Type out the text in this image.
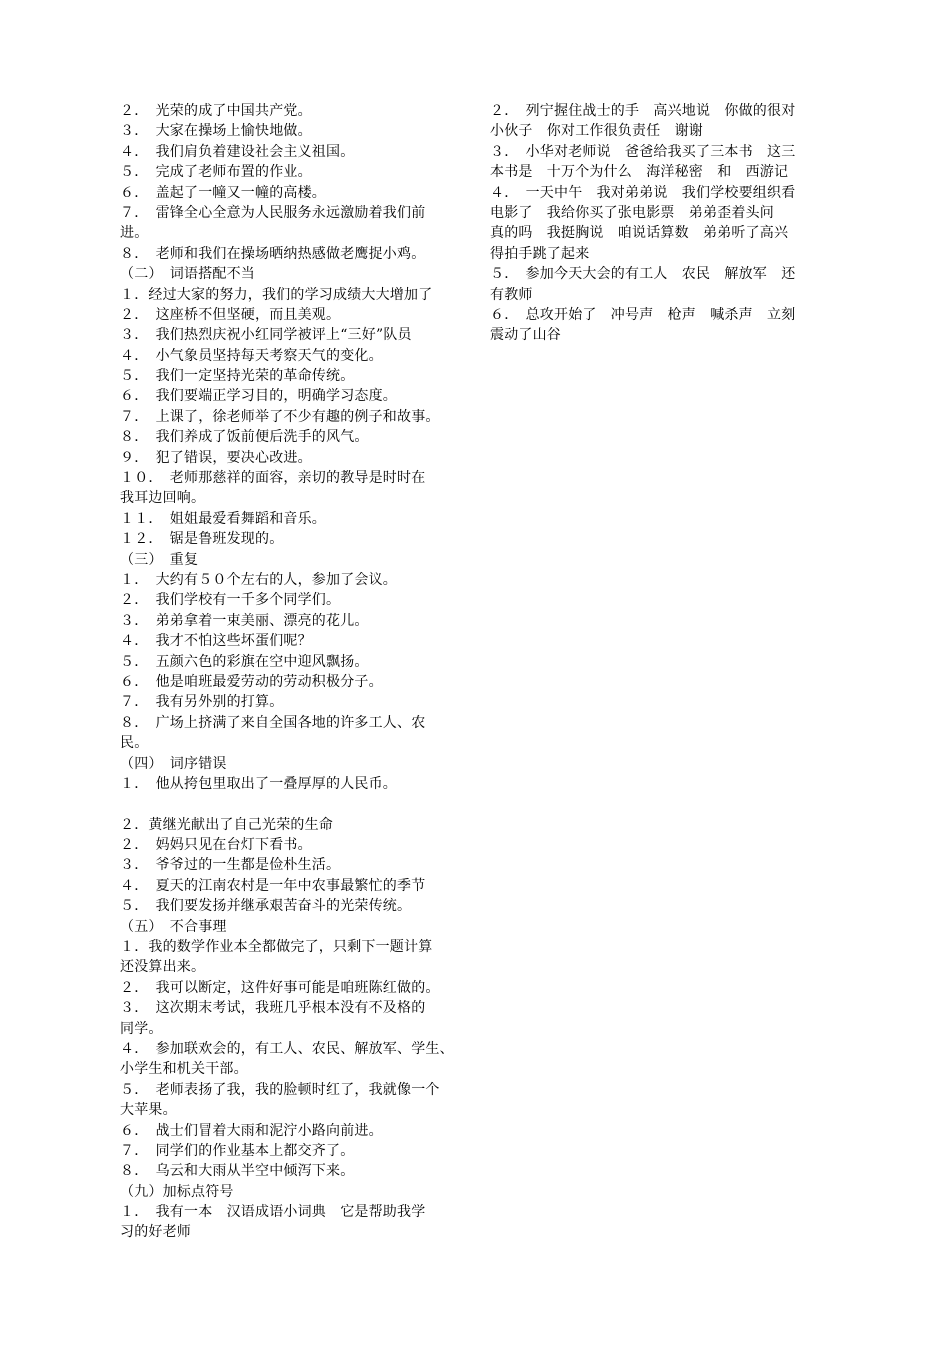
２．　光荣的成了中国共产党。
３．　大家在操场上愉快地做。
４．　我们肩负着建设社会主义祖国。
５．　完成了老师布置的作业。
６．　盖起了一幢又一幢的高楼。
７．　雷锋全心全意为人民服务永远激励着我们前
进。
８．　老师和我们在操场晒纳热感做老鹰捉小鸡。
（二）　词语搭配不当
１．经过大家的努力，我们的学习成绩大大增加了
２．　这座桥不但坚硬，而且美观。
３．　我们热烈庆祝小红同学被评上“三好”队员
４．　小气象员坚持每天考察天气的变化。
５．　我们一定坚持光荣的革命传统。
６．　我们要端正学习目的，明确学习态度。
７．　上课了，徐老师举了不少有趣的例子和故事。
８．　我们养成了饭前便后洗手的风气。
９．　犯了错误，要决心改进。
１０．　老师那慈祥的面容，亲切的教导是时时在
我耳边回响。
１１．　姐姐最爱看舞蹈和音乐。
１２．　锯是鲁班发现的。
（三）　重复
１．　大约有５０个左右的人，参加了会议。
２．　我们学校有一千多个同学们。
３．　弟弟拿着一束美丽、漂亮的花儿。
４．　我才不怕这些坏蛋们呢？
５．　五颜六色的彩旗在空中迎风飘扬。
６．　他是咱班最爱劳动的劳动积极分子。
７．　我有另外别的打算。
８．　广场上挤满了来自全国各地的许多工人、农
民。
（四）　词序错误
１．　他从挎包里取出了一叠厚厚的人民币。
２．黄继光献出了自己光荣的生命
２．　妈妈只见在台灯下看书。
３．　爷爷过的一生都是俭朴生活。
４．　夏天的江南农村是一年中农事最繁忙的季节
５．　我们要发扬并继承艰苦奋斗的光荣传统。
（五）　不合事理
１．我的数学作业本全都做完了，只剩下一题计算
还没算出来。
２．　我可以断定，这件好事可能是咱班陈红做的。
３．　这次期末考试，我班几乎根本没有不及格的
同学。
４．　参加联欢会的，有工人、农民、解放军、学生、
小学生和机关干部。
５．　老师表扬了我，我的脸顿时红了，我就像一个
大苹果。
６．　战士们冒着大雨和泥泞小路向前进。
７．　同学们的作业基本上都交齐了。
８．　乌云和大雨从半空中倾泻下来。
（九）加标点符号
１．　我有一本　汉语成语小词典　它是帮助我学
习的好老师
２．　列宁握住战士的手　高兴地说　你做的很对
小伙子　你对工作很负责任　谢谢
３．　小华对老师说　爸爸给我买了三本书　这三
本书是　十万个为什么　海洋秘密　和　西游记
４．　一天中午　我对弟弟说　我们学校要组织看
电影了　我给你买了张电影票　弟弟歪着头问
真的吗　我挺胸说　咱说话算数　弟弟听了高兴
得拍手跳了起来
５．　参加今天大会的有工人　农民　解放军　还
有教师
６．　总攻开始了　冲号声　枪声　喊杀声　立刻
震动了山谷
